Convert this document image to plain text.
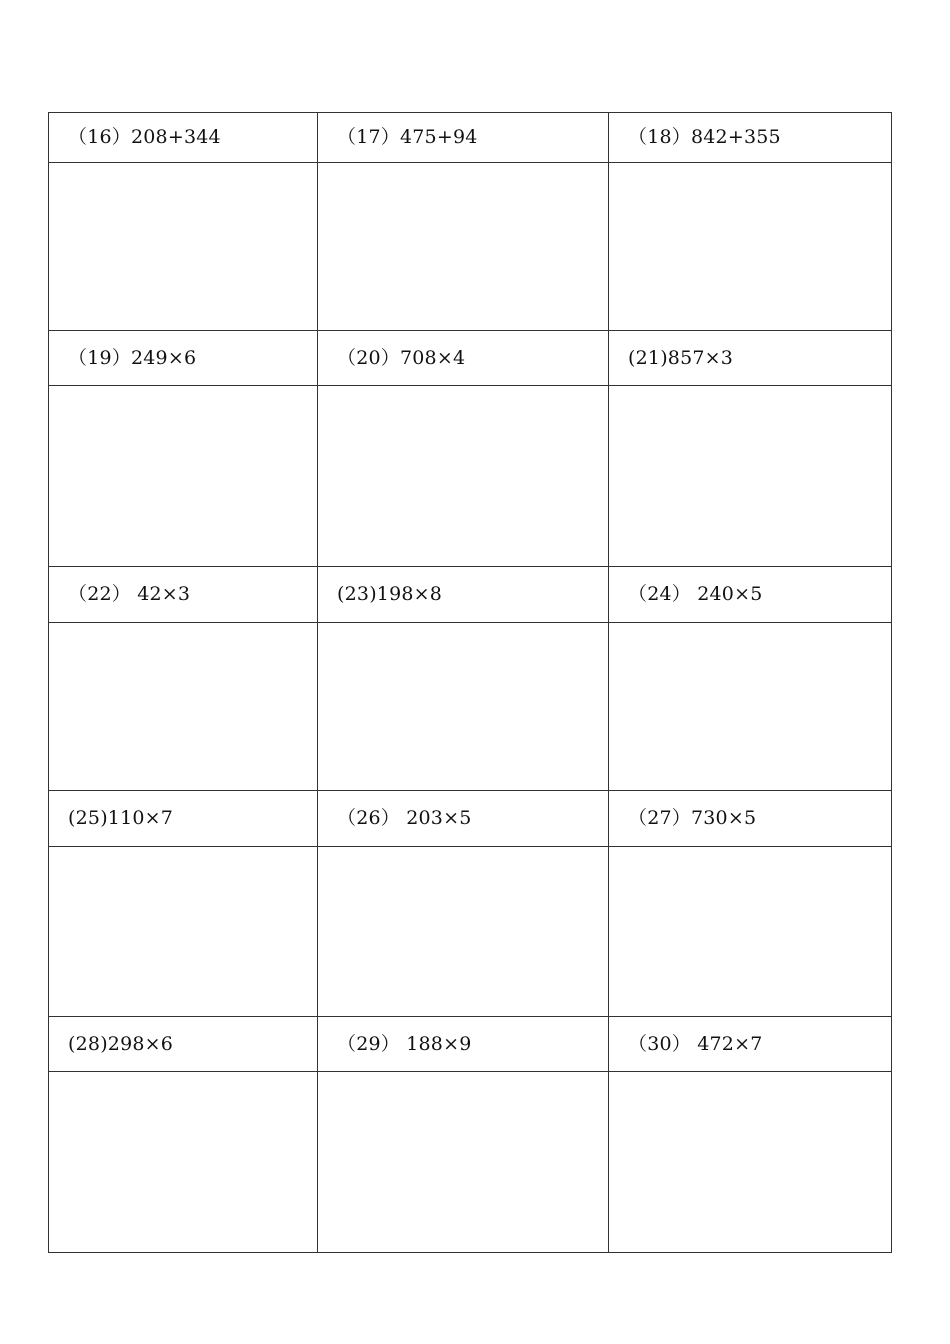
（16）208+344	（17）475+94	（18）842+355

（19）249×6	（20）708×4	(21)857×3

（22） 42×3	(23)198×8	（24） 240×5

(25)110×7	（26） 203×5	（27）730×5

(28)298×6	（29） 188×9	（30） 472×7
